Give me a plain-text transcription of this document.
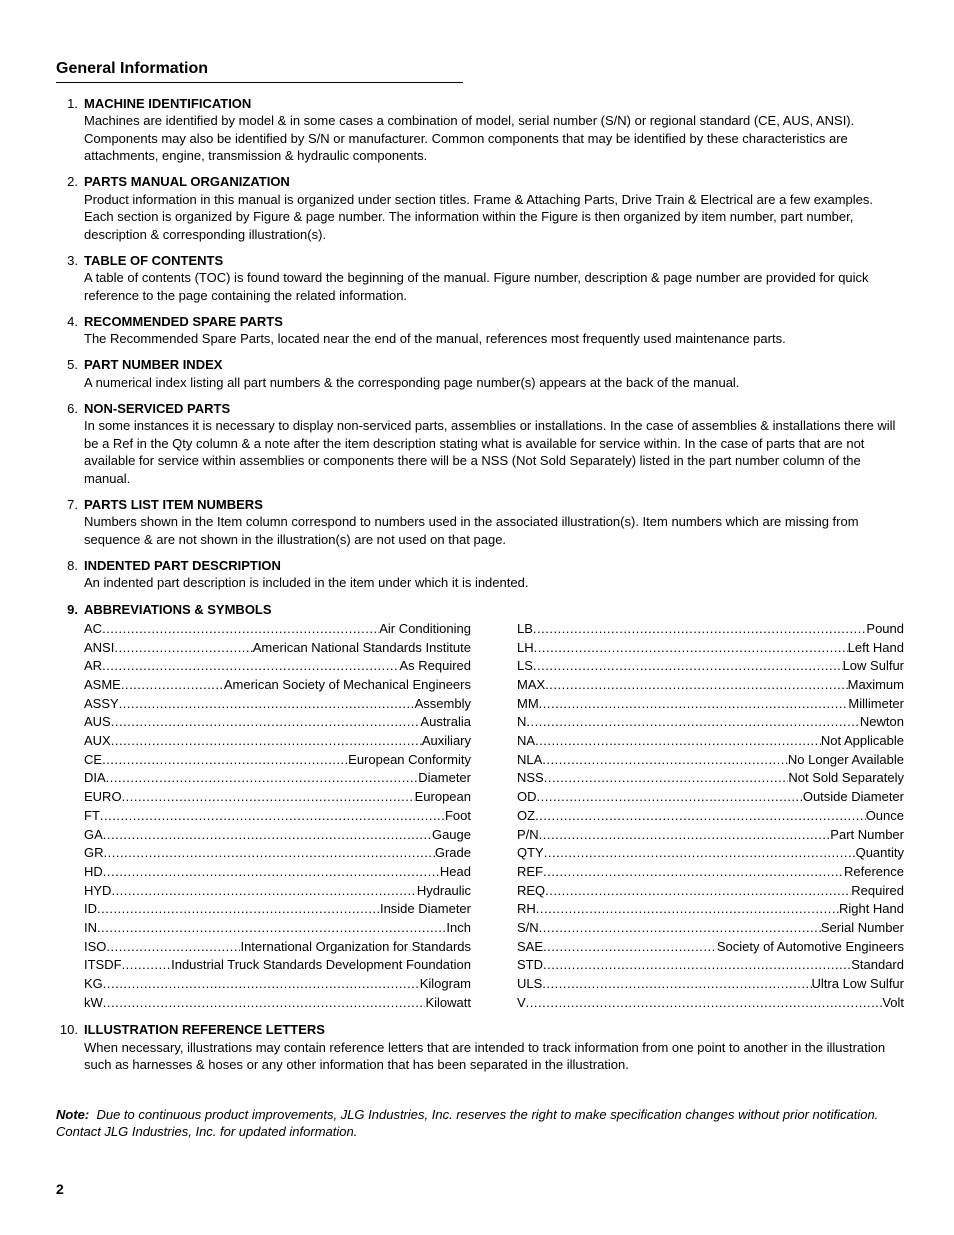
General Information
1. MACHINE IDENTIFICATION
Machines are identified by model & in some cases a combination of model, serial number (S/N) or regional standard (CE, AUS, ANSI). Components may also be identified by S/N or manufacturer. Common components that may be identified by these characteristics are attachments, engine, transmission & hydraulic components.
2. PARTS MANUAL ORGANIZATION
Product information in this manual is organized under section titles. Frame & Attaching Parts, Drive Train & Electrical are a few examples. Each section is organized by Figure & page number. The information within the Figure is then organized by item number, part number, description & corresponding illustration(s).
3. TABLE OF CONTENTS
A table of contents (TOC) is found toward the beginning of the manual. Figure number, description & page number are provided for quick reference to the page containing the related information.
4. RECOMMENDED SPARE PARTS
The Recommended Spare Parts, located near the end of the manual, references most frequently used maintenance parts.
5. PART NUMBER INDEX
A numerical index listing all part numbers & the corresponding page number(s) appears at the back of the manual.
6. NON-SERVICED PARTS
In some instances it is necessary to display non-serviced parts, assemblies or installations. In the case of assemblies & installations there will be a Ref in the Qty column & a note after the item description stating what is available for service within. In the case of parts that are not available for service within assemblies or components there will be a NSS (Not Sold Separately) listed in the part number column of the manual.
7. PARTS LIST ITEM NUMBERS
Numbers shown in the Item column correspond to numbers used in the associated illustration(s). Item numbers which are missing from sequence & are not shown in the illustration(s) are not used on that page.
8. INDENTED PART DESCRIPTION
An indented part description is included in the item under which it is indented.
9. ABBREVIATIONS & SYMBOLS
AC .....	Air Conditioning
ANSI .....	American National Standards Institute
AR .....	As Required
ASME .....	American Society of Mechanical Engineers
ASSY .....	Assembly
AUS .....	Australia
AUX .....	Auxiliary
CE .....	European Conformity
DIA .....	Diameter
EURO .....	European
FT .....	Foot
GA .....	Gauge
GR .....	Grade
HD .....	Head
HYD .....	Hydraulic
ID .....	Inside Diameter
IN .....	Inch
ISO .....	International Organization for Standards
ITSDF .....	Industrial Truck Standards Development Foundation
KG .....	Kilogram
kW .....	Kilowatt
LB .....	Pound
LH .....	Left Hand
LS .....	Low Sulfur
MAX .....	Maximum
MM .....	Millimeter
N .....	Newton
NA .....	Not Applicable
NLA .....	No Longer Available
NSS .....	Not Sold Separately
OD .....	Outside Diameter
OZ .....	Ounce
P/N .....	Part Number
QTY .....	Quantity
REF .....	Reference
REQ .....	Required
RH .....	Right Hand
S/N .....	Serial Number
SAE .....	Society of Automotive Engineers
STD .....	Standard
ULS .....	Ultra Low Sulfur
V .....	Volt
10. ILLUSTRATION REFERENCE LETTERS
When necessary, illustrations may contain reference letters that are intended to track information from one point to another in the illustration such as harnesses & hoses or any other information that has been separated in the illustration.
Note: Due to continuous product improvements, JLG Industries, Inc. reserves the right to make specification changes without prior notification. Contact JLG Industries, Inc. for updated information.
2
